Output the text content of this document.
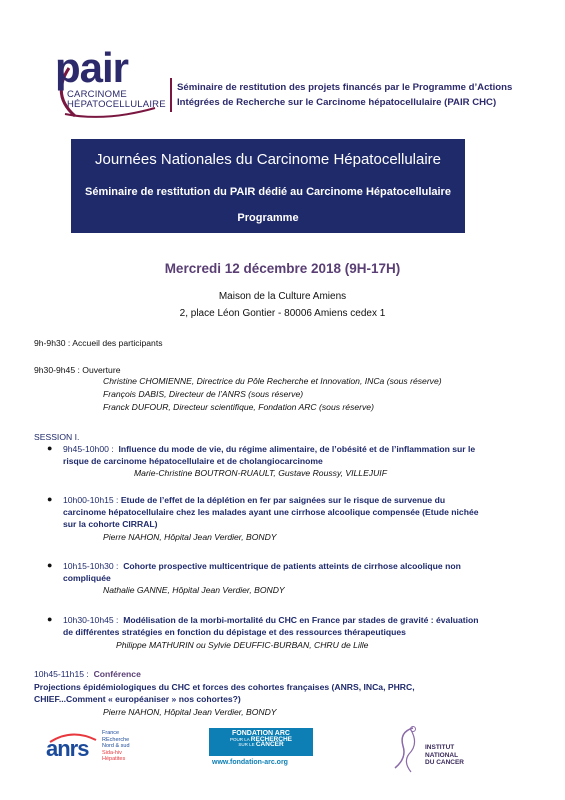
pair
CARCINOME
HÉPATOCELLULAIRE
Séminaire de restitution des projets financés par le Programme d’Actions
Intégrées de Recherche sur le Carcinome hépatocellulaire (PAIR CHC)
Journées Nationales du Carcinome Hépatocellulaire
Séminaire de restitution du PAIR dédié au Carcinome Hépatocellulaire
Programme
Mercredi 12 décembre 2018 (9H-17H)
Maison de la Culture Amiens
2, place Léon Gontier - 80006 Amiens cedex 1
9h-9h30 : Accueil des participants
9h30-9h45 : Ouverture
Christine CHOMIENNE, Directrice du Pôle Recherche et Innovation, INCa (sous réserve)
François DABIS, Directeur de l’ANRS (sous réserve)
Franck DUFOUR, Directeur scientifique, Fondation ARC (sous réserve)
SESSION I.
● 9h45-10h00 : Influence du mode de vie, du régime alimentaire, de l’obésité et de l’inflammation sur le
risque de carcinome hépatocellulaire et de cholangiocarcinome
Marie-Christine BOUTRON-RUAULT, Gustave Roussy, VILLEJUIF
● 10h00-10h15 : Etude de l’effet de la déplétion en fer par saignées sur le risque de survenue du
carcinome hépatocellulaire chez les malades ayant une cirrhose alcoolique compensée (Etude nichée
sur la cohorte CIRRAL)
Pierre NAHON, Hôpital Jean Verdier, BONDY
● 10h15-10h30 : Cohorte prospective multicentrique de patients atteints de cirrhose alcoolique non
compliquée
Nathalie GANNE, Hôpital Jean Verdier, BONDY
● 10h30-10h45 : Modélisation de la morbi-mortalité du CHC en France par stades de gravité : évaluation
de différentes stratégies en fonction du dépistage et des ressources thérapeutiques
Philippe MATHURIN ou Sylvie DEUFFIC-BURBAN, CHRU de Lille
10h45-11h15 : Conférence
Projections épidémiologiques du CHC et forces des cohortes françaises (ANRS, INCa, PHRC,
CHIEF...Comment « européaniser » nos cohortes?)
Pierre NAHON, Hôpital Jean Verdier, BONDY
anrs
France
REcherche
Nord & sud
Sida-hiv
Hépatites
FONDATION ARC
POUR LA RECHERCHE
SUR LE CANCER
www.fondation-arc.org
INSTITUT
NATIONAL
DU CANCER
